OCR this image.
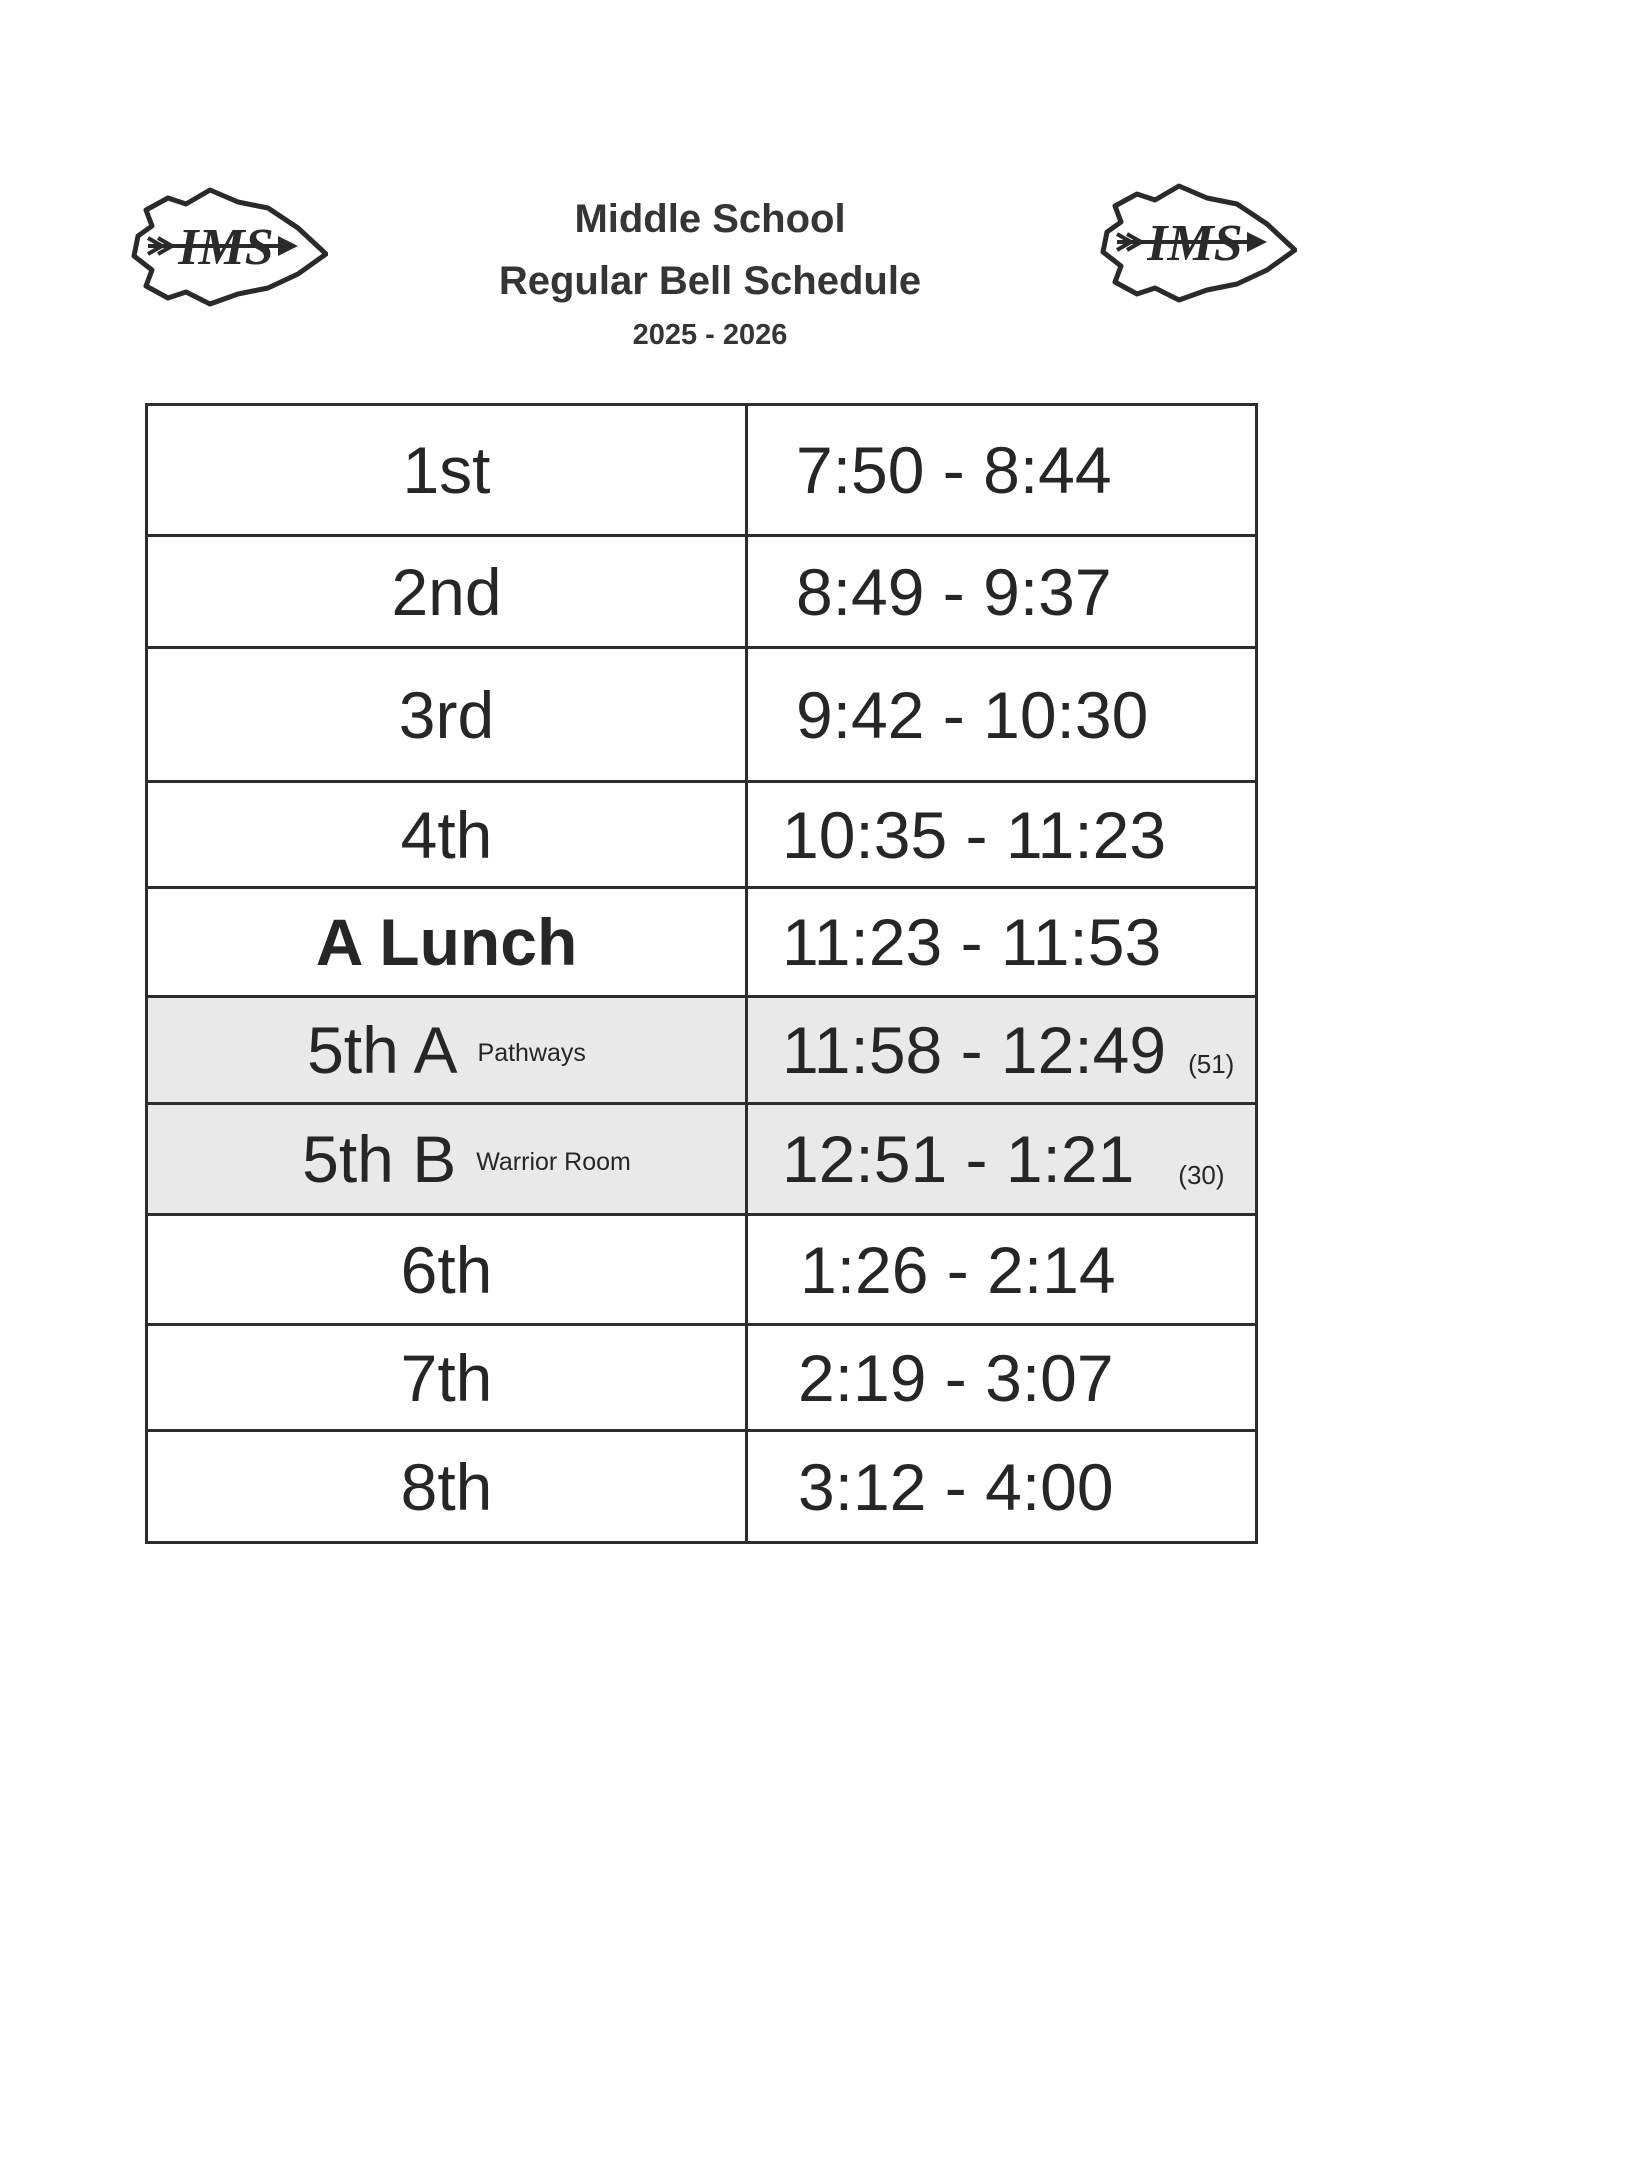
IMS	Middle School
Regular Bell Schedule
2025 - 2026
IMS
1st	7:50 - 8:44
2nd	8:49 - 9:37
3rd	9:42 - 10:30
4th	10:35 - 11:23
A Lunch	11:23 - 11:53
5th A Pathways	11:58 - 12:49 (51)
5th B Warrior Room 12:51 - 1:21 (30)
6th	1:26 - 2:14
7th	2:19 - 3:07
8th	3:12 - 4:00
